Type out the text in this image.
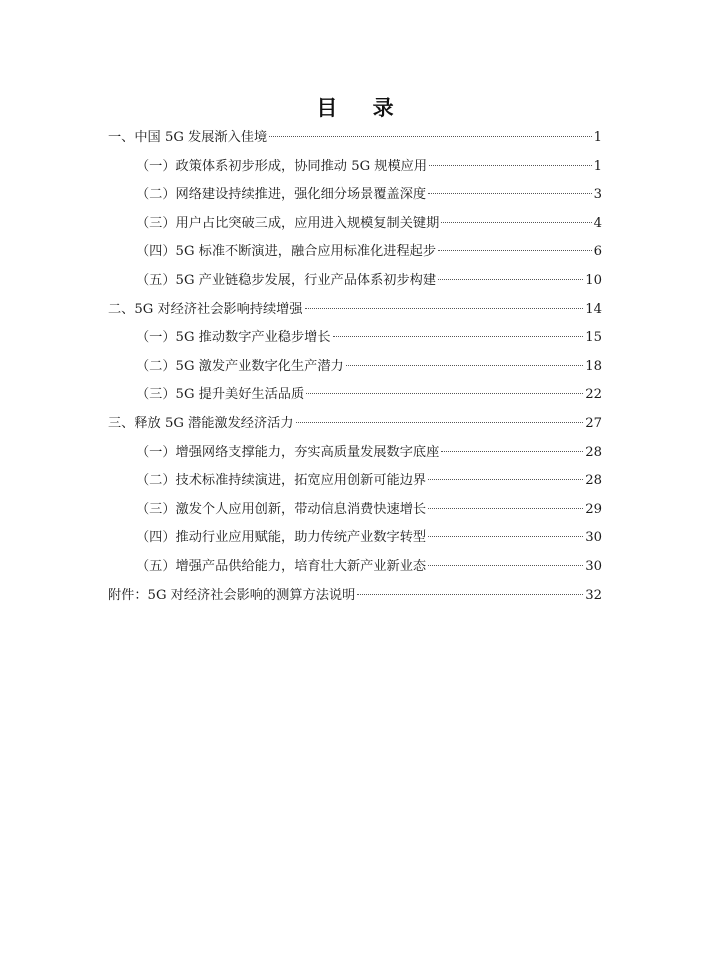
目 录
一、中国 5G 发展渐入佳境	1
（一）政策体系初步形成，协同推动 5G 规模应用	1
（二）网络建设持续推进，强化细分场景覆盖深度	3
（三）用户占比突破三成，应用进入规模复制关键期	4
（四）5G 标准不断演进，融合应用标准化进程起步	6
（五）5G 产业链稳步发展，行业产品体系初步构建	10
二、5G 对经济社会影响持续增强	14
（一）5G 推动数字产业稳步增长	15
（二）5G 激发产业数字化生产潜力	18
（三）5G 提升美好生活品质	22
三、释放 5G 潜能激发经济活力	27
（一）增强网络支撑能力，夯实高质量发展数字底座	28
（二）技术标准持续演进，拓宽应用创新可能边界	28
（三）激发个人应用创新，带动信息消费快速增长	29
（四）推动行业应用赋能，助力传统产业数字转型	30
（五）增强产品供给能力，培育壮大新产业新业态	30
附件：5G 对经济社会影响的测算方法说明	32
